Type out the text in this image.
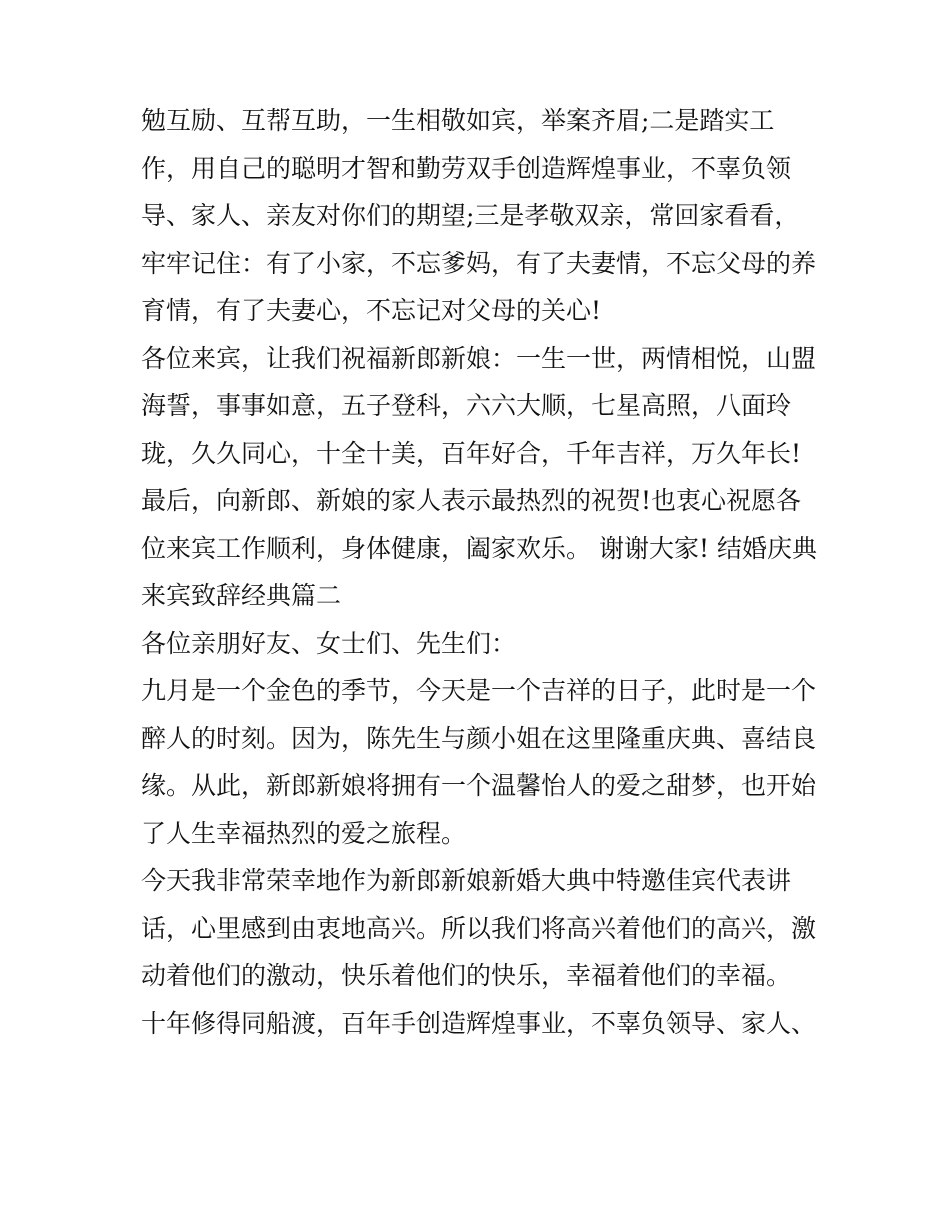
勉互励、互帮互助，一生相敬如宾，举案齐眉;二是踏实工
作，用自己的聪明才智和勤劳双手创造辉煌事业，不辜负领
导、家人、亲友对你们的期望;三是孝敬双亲，常回家看看，
牢牢记住：有了小家，不忘爹妈，有了夫妻情，不忘父母的养
育情，有了夫妻心，不忘记对父母的关心!
各位来宾，让我们祝福新郎新娘：一生一世，两情相悦，山盟
海誓，事事如意，五子登科，六六大顺，七星高照，八面玲
珑，久久同心，十全十美，百年好合，千年吉祥，万久年长!
最后，向新郎、新娘的家人表示最热烈的祝贺!也衷心祝愿各
位来宾工作顺利，身体健康，阖家欢乐。 谢谢大家! 结婚庆典
来宾致辞经典篇二
各位亲朋好友、女士们、先生们：
九月是一个金色的季节，今天是一个吉祥的日子，此时是一个
醉人的时刻。因为，陈先生与颜小姐在这里隆重庆典、喜结良
缘。从此，新郎新娘将拥有一个温馨怡人的爱之甜梦，也开始
了人生幸福热烈的爱之旅程。
今天我非常荣幸地作为新郎新娘新婚大典中特邀佳宾代表讲
话，心里感到由衷地高兴。所以我们将高兴着他们的高兴，激
动着他们的激动，快乐着他们的快乐，幸福着他们的幸福。
十年修得同船渡，百年手创造辉煌事业，不辜负领导、家人、
